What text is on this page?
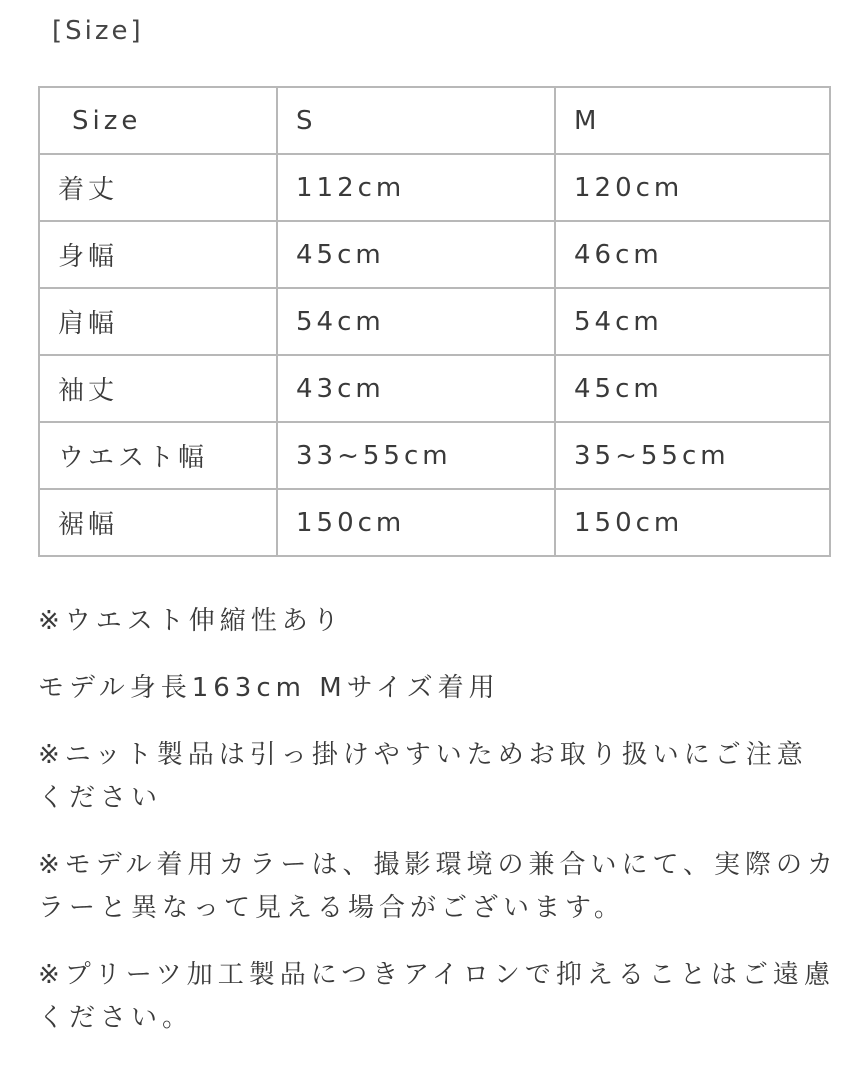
[Size]
Size	S	M
着丈	112cm	120cm
身幅	45cm	46cm
肩幅	54cm	54cm
袖丈	43cm	45cm
ウエスト幅	33~55cm	35~55cm
裾幅	150cm	150cm

※ウエスト伸縮性あり

モデル身長163cm Mサイズ着用

※ニット製品は引っ掛けやすいためお取り扱いにご注意ください

※モデル着用カラーは、撮影環境の兼合いにて、実際のカラーと異なって見える場合がございます。

※プリーツ加工製品につきアイロンで抑えることはご遠慮ください。
